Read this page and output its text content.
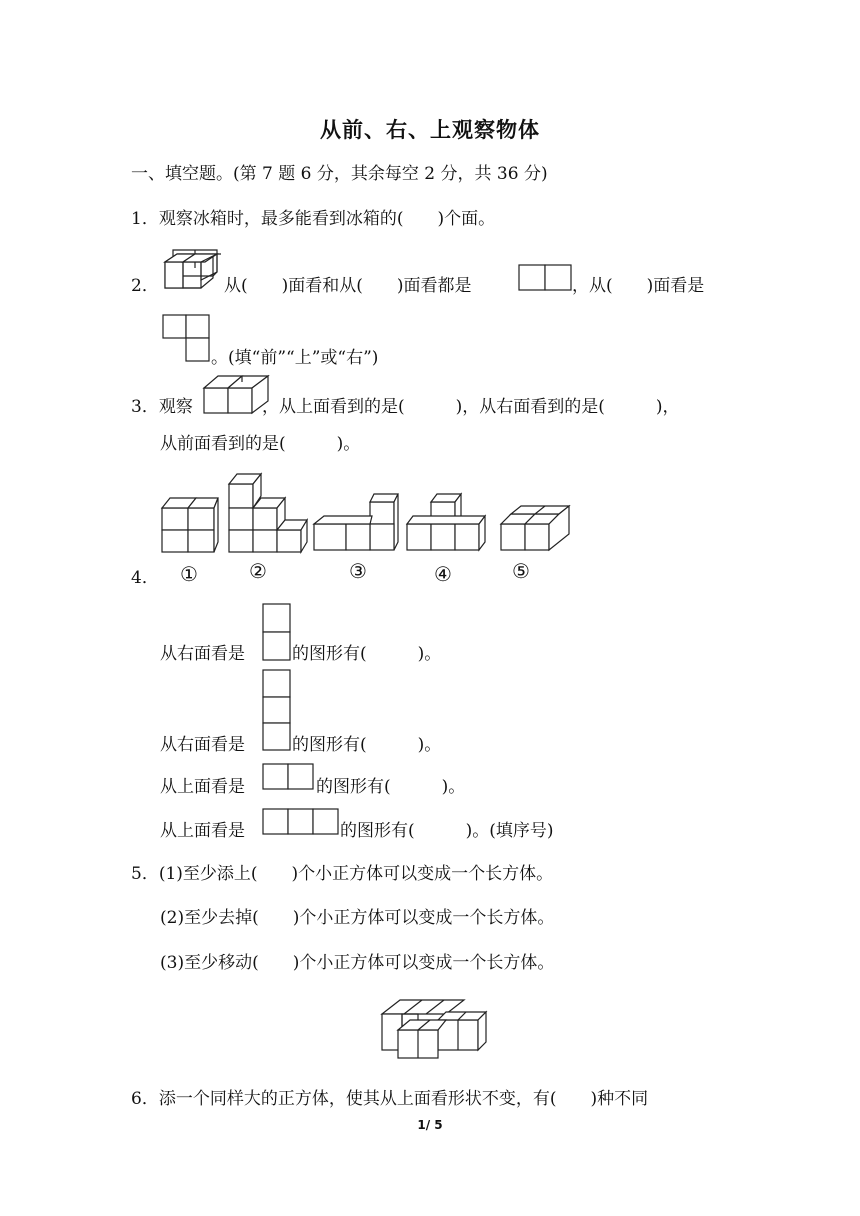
从前、右、上观察物体
一、填空题。(第 7 题 6 分，其余每空 2 分，共 36 分)
1．观察冰箱时，最多能看到冰箱的(　　)个面。
2．	从(　　)面看和从(　　)面看都是	，从(　　)面看是
。(填“前”“上”或“右”)
3．观察	，从上面看到的是(　　　)，从右面看到的是(　　　)，
从前面看到的是(　　　)。
4． ①	②	③	④	⑤
从右面看是	的图形有(　　　)。
从右面看是	的图形有(　　　)。
从上面看是	的图形有(　　　)。
从上面看是	的图形有(　　　)。(填序号)
5．(1)至少添上(　　)个小正方体可以变成一个长方体。
(2)至少去掉(　　)个小正方体可以变成一个长方体。
(3)至少移动(　　)个小正方体可以变成一个长方体。
6．添一个同样大的正方体，使其从上面看形状不变，有(　　)种不同
1/ 5
